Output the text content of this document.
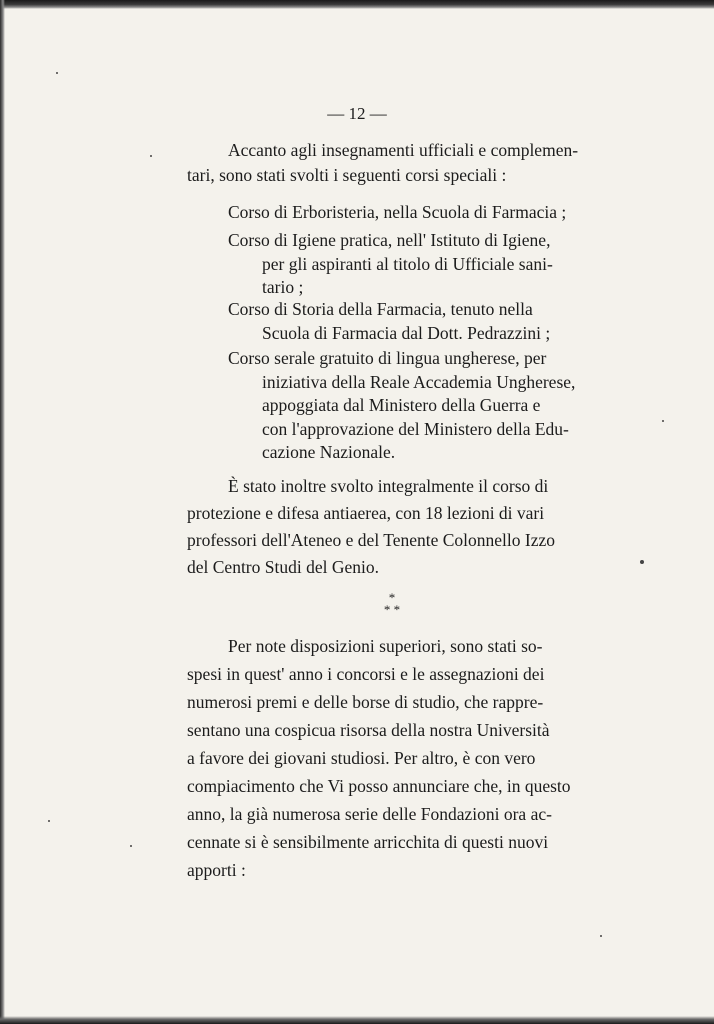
— 12 —
Accanto agli insegnamenti ufficiali e complemen-
tari, sono stati svolti i seguenti corsi speciali :
Corso di Erboristeria, nella Scuola di Farmacia ;
Corso di Igiene pratica, nell' Istituto di Igiene,
per gli aspiranti al titolo di Ufficiale sani-
tario ;
Corso di Storia della Farmacia, tenuto nella
Scuola di Farmacia dal Dott. Pedrazzini ;
Corso serale gratuito di lingua ungherese, per
iniziativa della Reale Accademia Ungherese,
appoggiata dal Ministero della Guerra e
con l'approvazione del Ministero della Edu-
cazione Nazionale.
È stato inoltre svolto integralmente il corso di
protezione e difesa antiaerea, con 18 lezioni di vari
professori dell'Ateneo e del Tenente Colonnello Izzo
del Centro Studi del Genio.
*
* *
Per note disposizioni superiori, sono stati so-
spesi in quest' anno i concorsi e le assegnazioni dei
numerosi premi e delle borse di studio, che rappre-
sentano una cospicua risorsa della nostra Università
a favore dei giovani studiosi. Per altro, è con vero
compiacimento che Vi posso annunciare che, in questo
anno, la già numerosa serie delle Fondazioni ora ac-
cennate si è sensibilmente arricchita di questi nuovi
apporti :
